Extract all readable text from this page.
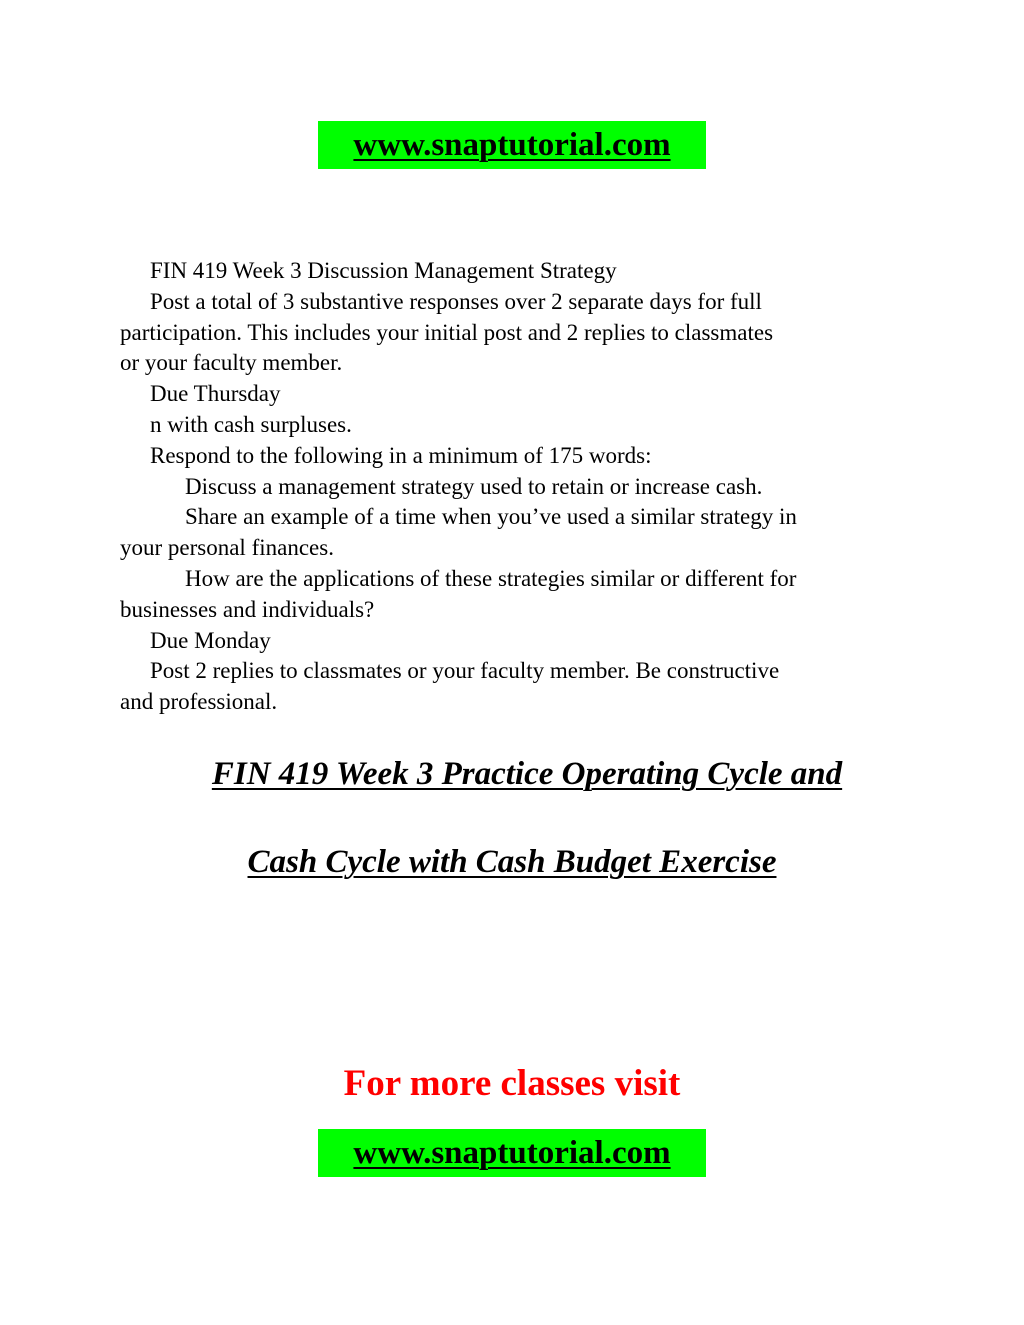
www.snaptutorial.com
FIN 419 Week 3 Discussion Management Strategy
Post a total of 3 substantive responses over 2 separate days for full
participation. This includes your initial post and 2 replies to classmates
or your faculty member.
Due Thursday
n with cash surpluses.
Respond to the following in a minimum of 175 words:
Discuss a management strategy used to retain or increase cash.
Share an example of a time when you’ve used a similar strategy in
your personal finances.
How are the applications of these strategies similar or different for
businesses and individuals?
Due Monday
Post 2 replies to classmates or your faculty member. Be constructive
and professional.
FIN 419 Week 3 Practice Operating Cycle and
Cash Cycle with Cash Budget Exercise
For more classes visit
www.snaptutorial.com
